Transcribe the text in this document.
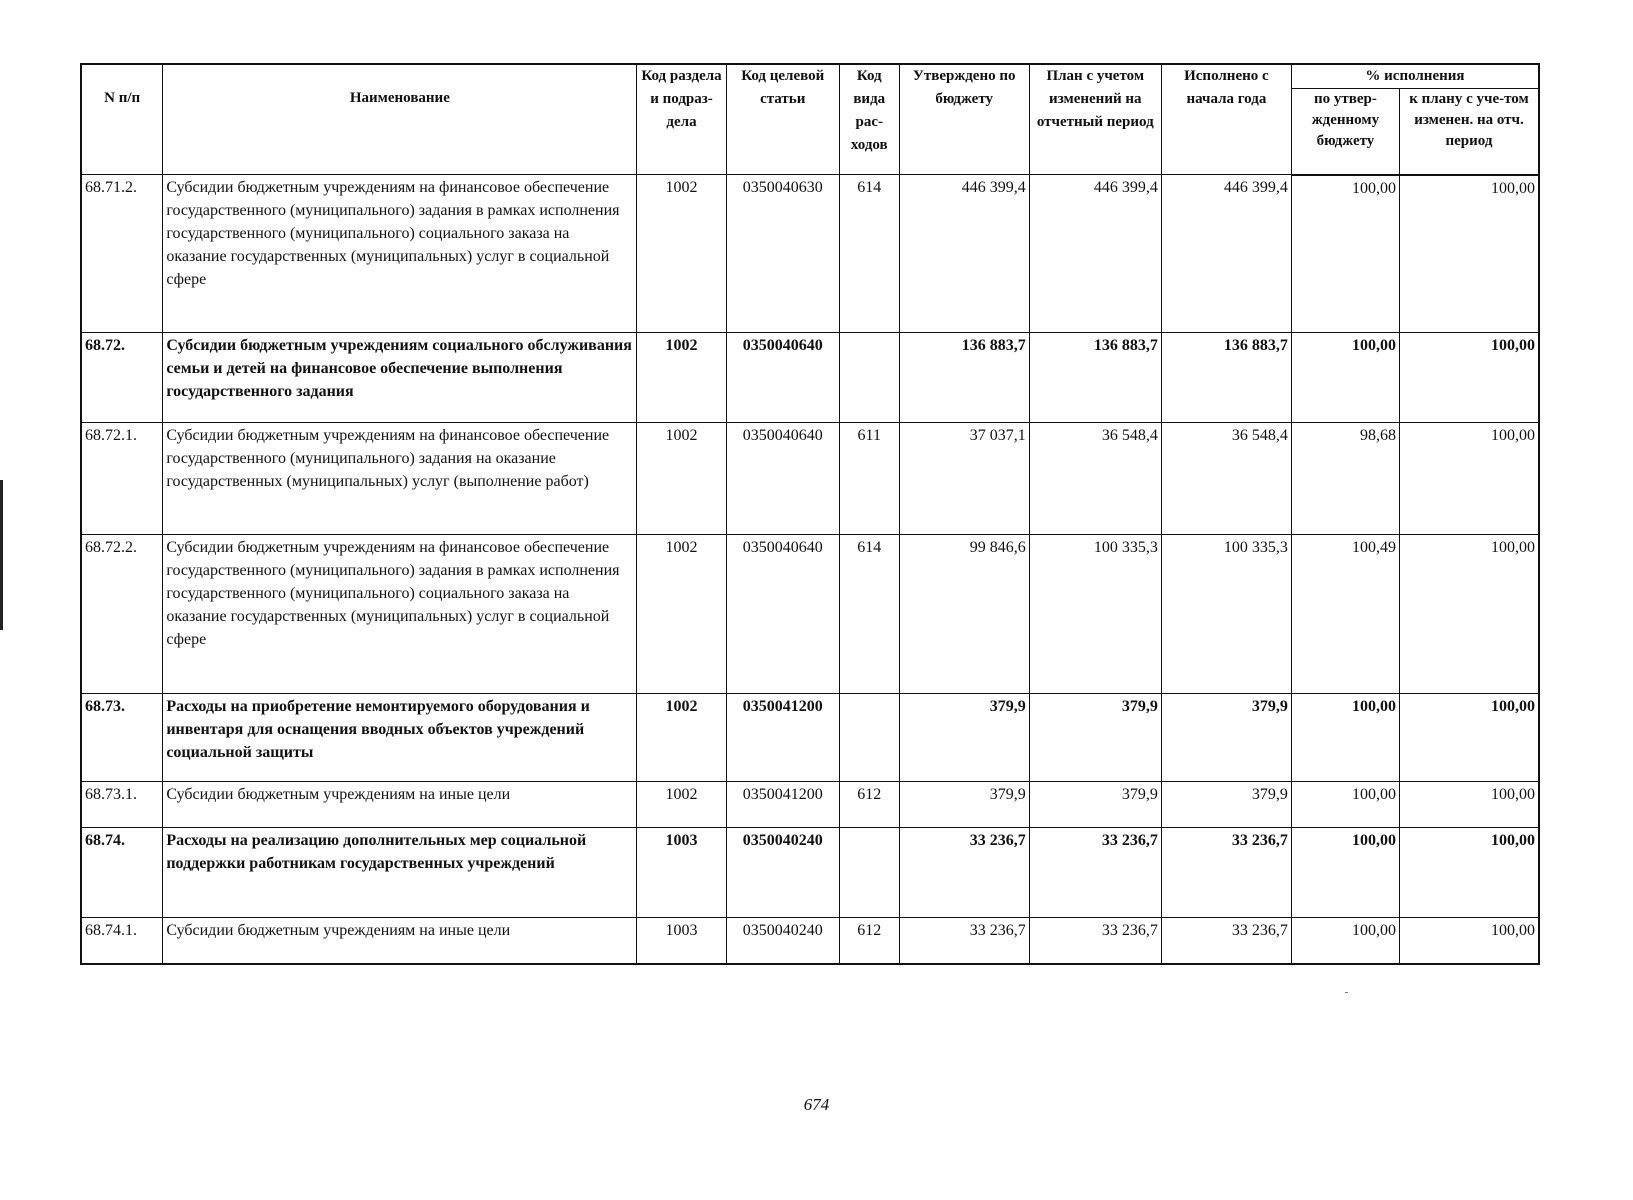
N п/п	Наименование	Код раздела и подраз-дела	Код целевой статьи	Код вида рас-ходов	Утверждено по бюджету	План с учетом изменений на отчетный период	Исполнено с начала года	% исполнения	
								по утвер-жденному бюджету	к плану с уче-том изменен. на отч. период
68.71.2.	Субсидии бюджетным учреждениям на финансовое обеспечение государственного (муниципального) задания в рамках исполнения государственного (муниципального) социального заказа на оказание государственных (муниципальных) услуг в социальной сфере	1002	0350040630	614	446 399,4	446 399,4	446 399,4	100,00	100,00
68.72.	Субсидии бюджетным учреждениям социального обслуживания семьи и детей на финансовое обеспечение выполнения государственного задания	1002	0350040640		136 883,7	136 883,7	136 883,7	100,00	100,00
68.72.1.	Субсидии бюджетным учреждениям на финансовое обеспечение государственного (муниципального) задания на оказание государственных (муниципальных) услуг (выполнение работ)	1002	0350040640	611	37 037,1	36 548,4	36 548,4	98,68	100,00
68.72.2.	Субсидии бюджетным учреждениям на финансовое обеспечение государственного (муниципального) задания в рамках исполнения государственного (муниципального) социального заказа на оказание государственных (муниципальных) услуг в социальной сфере	1002	0350040640	614	99 846,6	100 335,3	100 335,3	100,49	100,00
68.73.	Расходы на приобретение немонтируемого оборудования и инвентаря для оснащения вводных объектов учреждений социальной защиты	1002	0350041200		379,9	379,9	379,9	100,00	100,00
68.73.1.	Субсидии бюджетным учреждениям на иные цели	1002	0350041200	612	379,9	379,9	379,9	100,00	100,00
68.74.	Расходы на реализацию дополнительных мер социальной поддержки работникам государственных учреждений	1003	0350040240		33 236,7	33 236,7	33 236,7	100,00	100,00
68.74.1.	Субсидии бюджетным учреждениям на иные цели	1003	0350040240	612	33 236,7	33 236,7	33 236,7	100,00	100,00
674
